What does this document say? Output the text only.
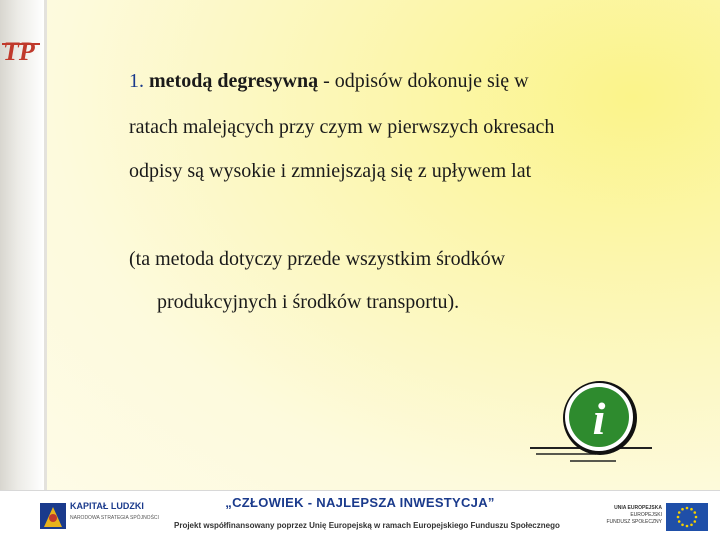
TP
1. metodą degresywną - odpisów dokonuje się w
ratach malejących przy czym w pierwszych okresach
odpisy są wysokie i zmniejszają się z upływem lat
(ta metoda dotyczy przede wszystkim środków
produkcyjnych i środków transportu).
i
KAPITAŁ LUDZKI
NARODOWA STRATEGIA SPÓJNOŚCI
„CZŁOWIEK - NAJLEPSZA INWESTYCJA”
Projekt współfinansowany poprzez Unię Europejską w ramach Europejskiego Funduszu Społecznego
UNIA EUROPEJSKA
EUROPEJSKI
FUNDUSZ SPOŁECZNY
